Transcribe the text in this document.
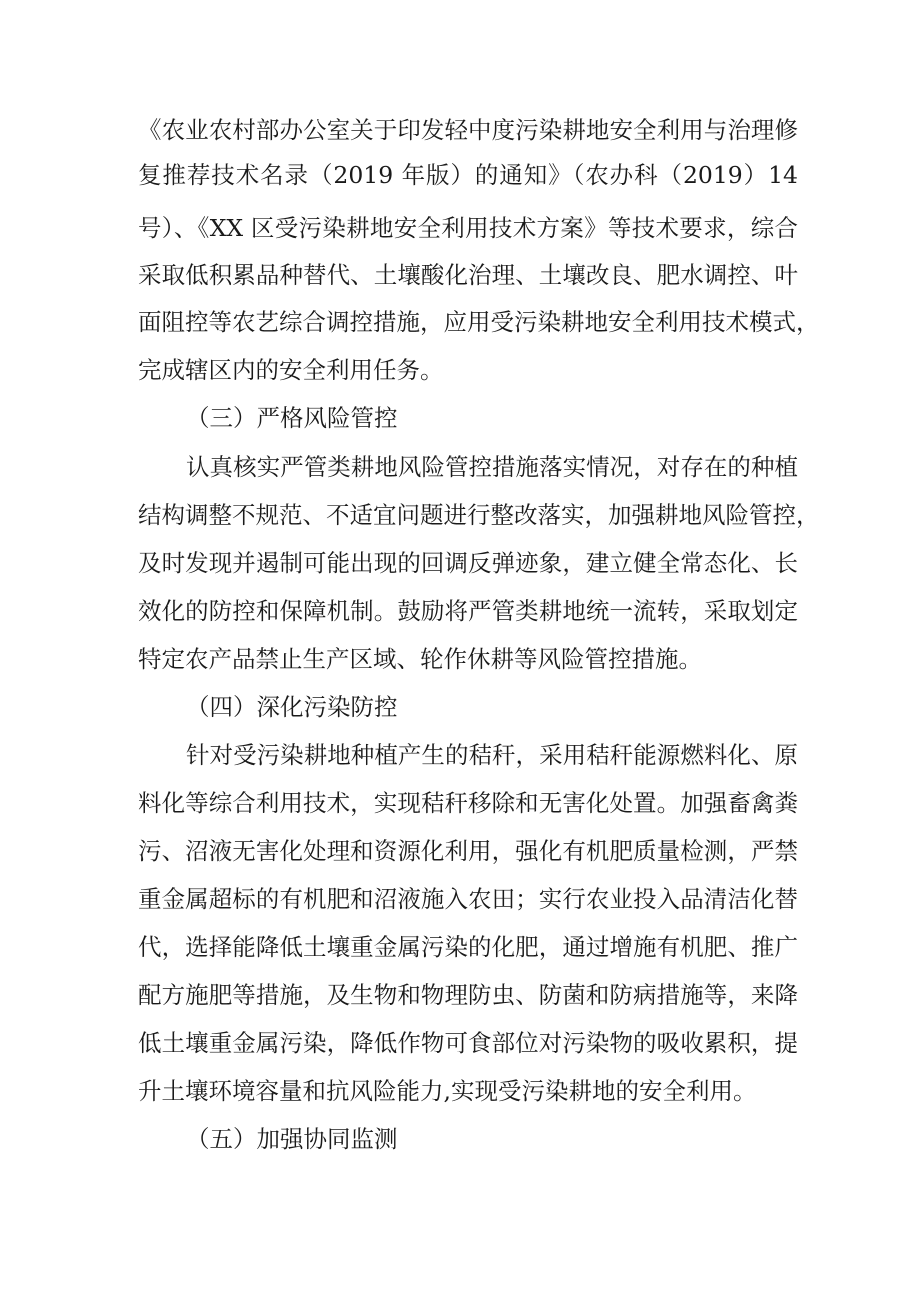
《农业农村部办公室关于印发轻中度污染耕地安全利用与治理修
复推荐技术名录（2019 年版）的通知》（农办科（2019）14
号）、《XX 区受污染耕地安全利用技术方案》等技术要求，综合
采取低积累品种替代、土壤酸化治理、土壤改良、肥水调控、叶
面阻控等农艺综合调控措施，应用受污染耕地安全利用技术模式，
完成辖区内的安全利用任务。
（三）严格风险管控
认真核实严管类耕地风险管控措施落实情况，对存在的种植
结构调整不规范、不适宜问题进行整改落实，加强耕地风险管控，
及时发现并遏制可能出现的回调反弹迹象，建立健全常态化、长
效化的防控和保障机制。鼓励将严管类耕地统一流转，采取划定
特定农产品禁止生产区域、轮作休耕等风险管控措施。
（四）深化污染防控
针对受污染耕地种植产生的秸秆，采用秸秆能源燃料化、原
料化等综合利用技术，实现秸秆移除和无害化处置。加强畜禽粪
污、沼液无害化处理和资源化利用，强化有机肥质量检测，严禁
重金属超标的有机肥和沼液施入农田；实行农业投入品清洁化替
代，选择能降低土壤重金属污染的化肥，通过增施有机肥、推广
配方施肥等措施，及生物和物理防虫、防菌和防病措施等，来降
低土壤重金属污染，降低作物可食部位对污染物的吸收累积，提
升土壤环境容量和抗风险能力,实现受污染耕地的安全利用。
（五）加强协同监测
